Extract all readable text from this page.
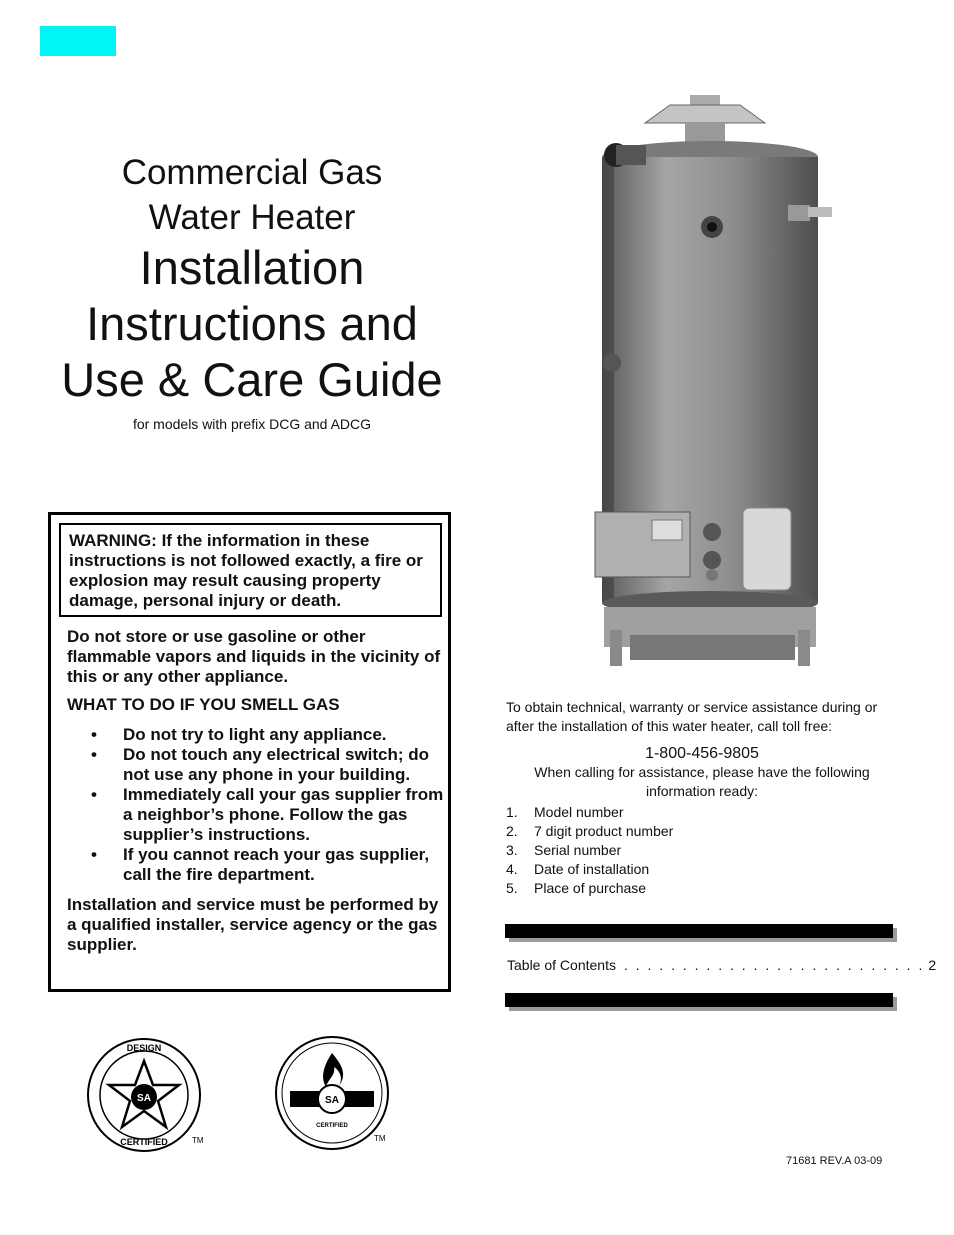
Commercial Gas
Water Heater
Installation
Instructions and
Use & Care Guide
for models with prefix DCG and ADCG
WARNING: If the information in these instructions is not followed exactly, a fire or explosion may result causing property damage, personal injury or death.

Do not store or use gasoline or other flammable vapors and liquids in the vicinity of this or any other appliance.

WHAT TO DO IF YOU SMELL GAS
• Do not try to light any appliance.
• Do not touch any electrical switch; do not use any phone in your building.
• Immediately call your gas supplier from a neighbor’s phone. Follow the gas supplier’s instructions.
• If you cannot reach your gas supplier, call the fire department.

Installation and service must be performed by a qualified installer, service agency or the gas supplier.

To obtain technical, warranty or service assistance during or after the installation of this water heater, call toll free:

1-800-456-9805
When calling for assistance, please have the following information ready:
1.	Model number
2.	7 digit product number
3.	Serial number
4.	Date of installation
5.	Place of purchase
Table of Contents . . . . . . . . . . . . . . . . . . . . . . . . . . 2
SA
DESIGN
CERTIFIED	TM
SA
CERTIFIED
TM
71681 REV.A 03-09
